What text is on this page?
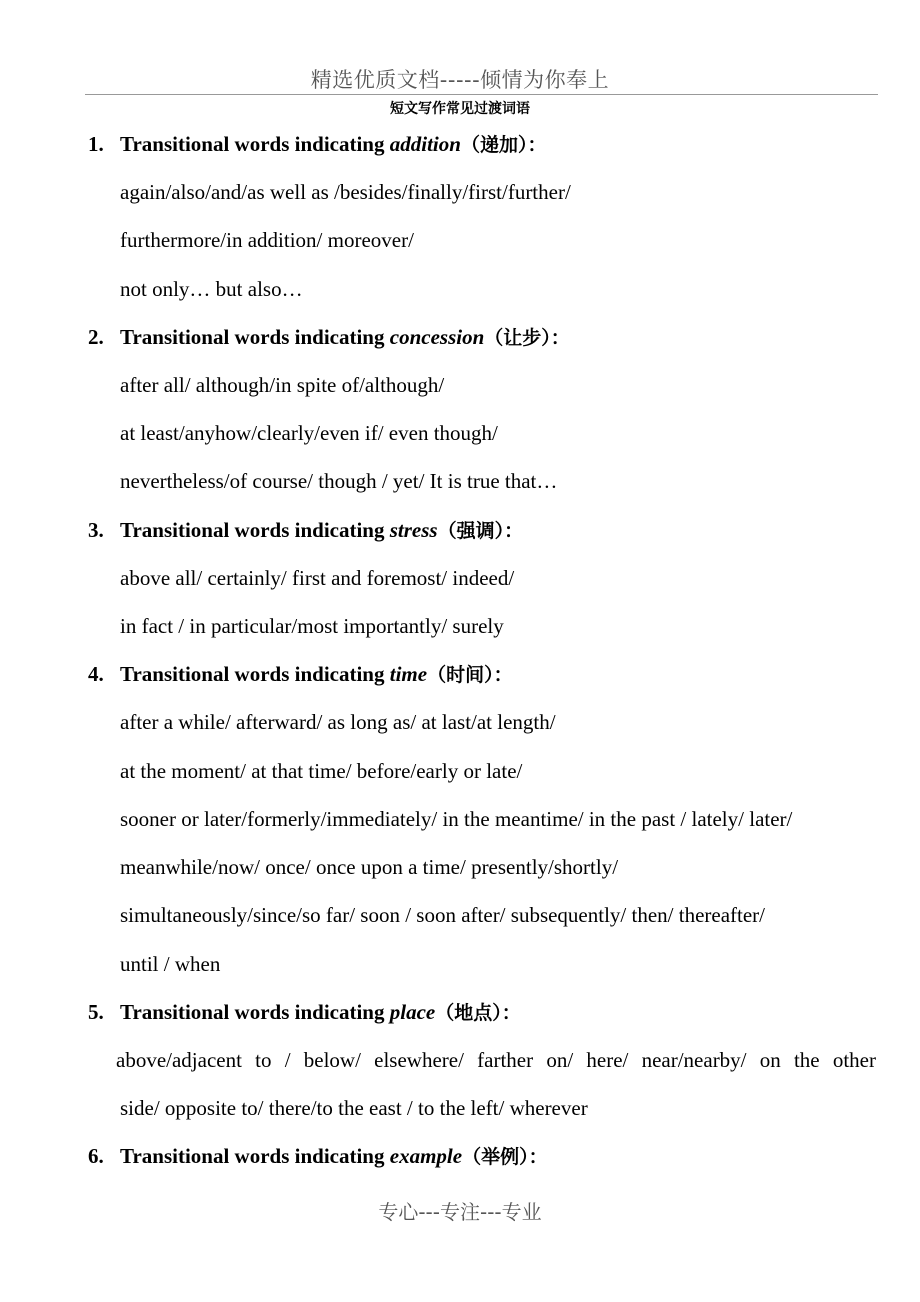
精选优质文档-----倾情为你奉上
短文写作常见过渡词语
1. Transitional words indicating addition（递加）：
again/also/and/as well as /besides/finally/first/further/
furthermore/in addition/ moreover/
not only… but also…
2. Transitional words indicating concession（让步）：
after all/ although/in spite of/although/
at least/anyhow/clearly/even if/ even though/
nevertheless/of course/ though / yet/ It is true that…
3. Transitional words indicating stress（强调）：
above all/ certainly/ first and foremost/ indeed/
in fact / in particular/most importantly/ surely
4. Transitional words indicating time（时间）：
after a while/ afterward/ as long as/ at last/at length/
at the moment/ at that time/ before/early or late/
sooner or later/formerly/immediately/ in the meantime/ in the past / lately/ later/
meanwhile/now/ once/ once upon a time/ presently/shortly/
simultaneously/since/so far/ soon / soon after/ subsequently/ then/ thereafter/
until / when
5. Transitional words indicating place（地点）：
above/adjacent to / below/ elsewhere/ farther on/ here/ near/nearby/ on the other
side/ opposite to/ there/to the east / to the left/ wherever
6. Transitional words indicating example（举例）：
专心---专注---专业
